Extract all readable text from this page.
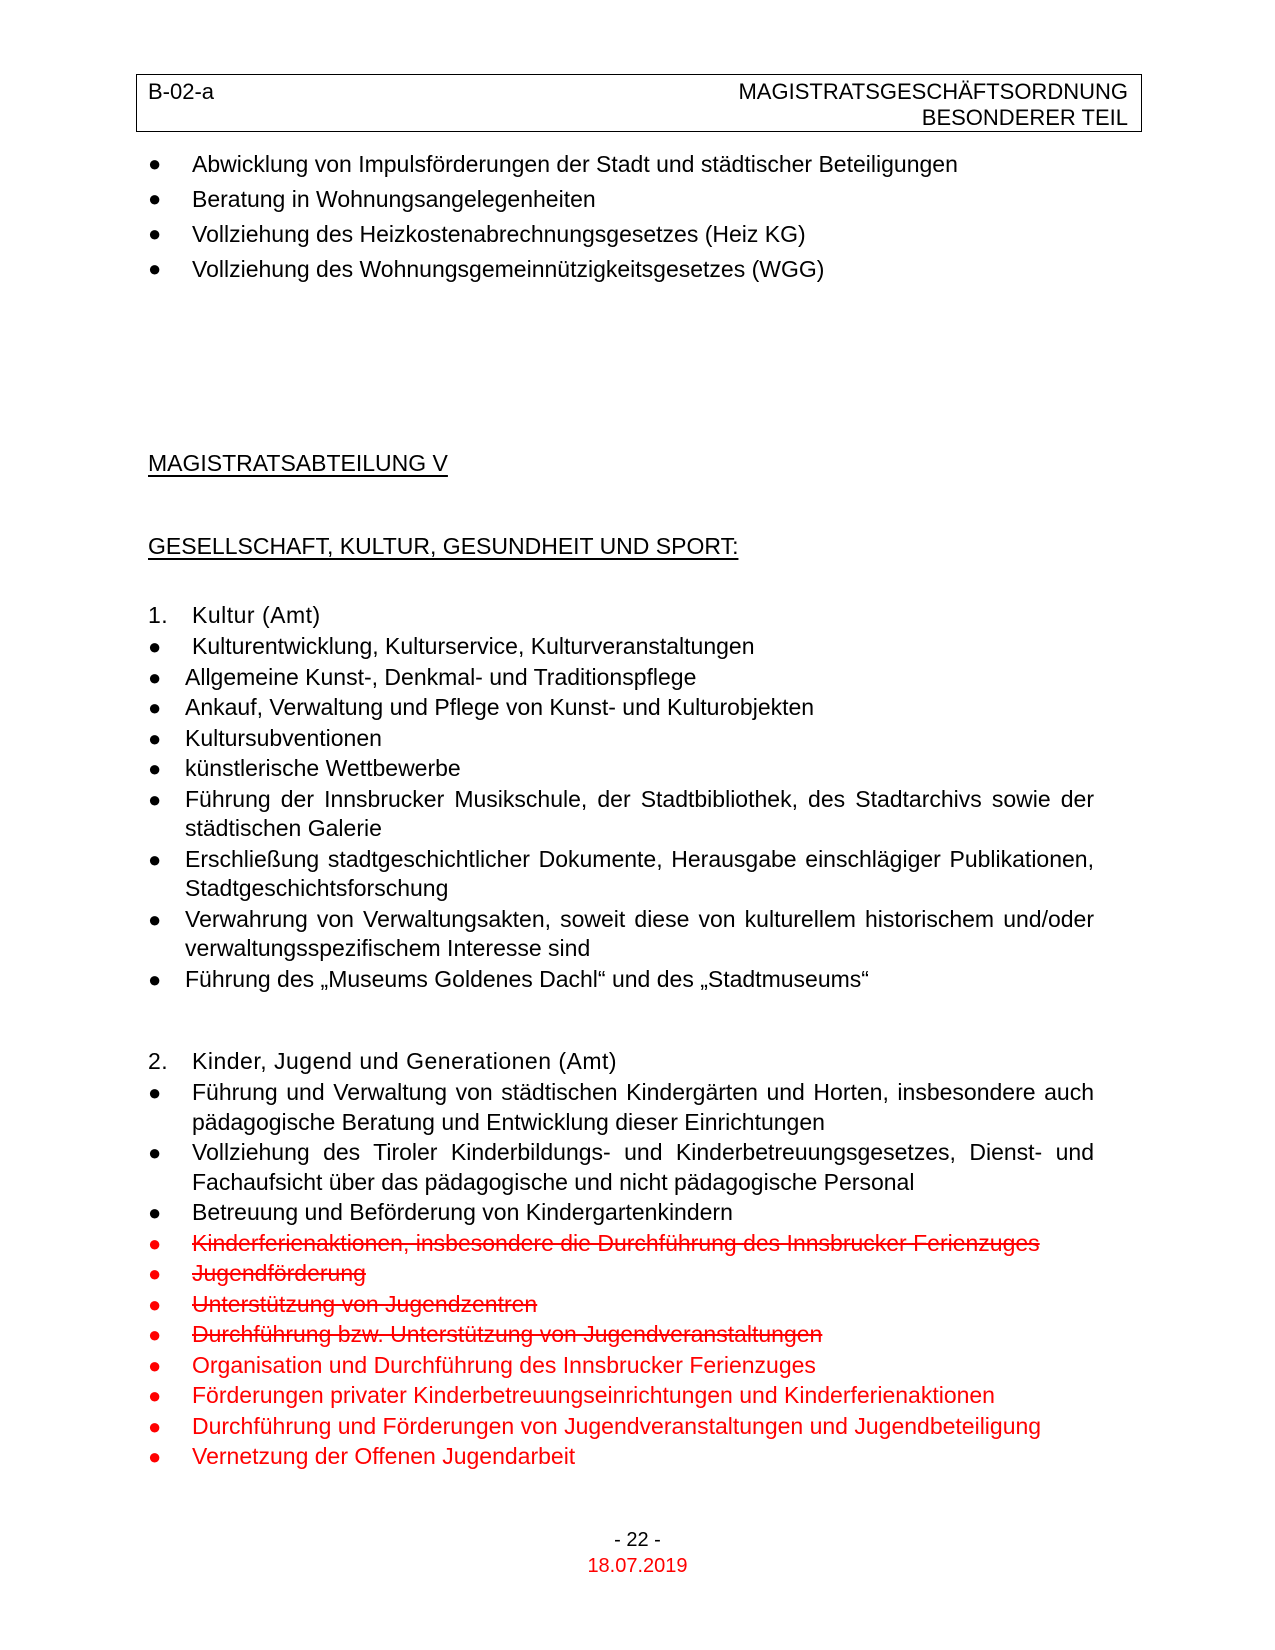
B-02-a	MAGISTRATSGESCHÄFTSORDNUNG
BESONDERER TEIL
●	Abwicklung von Impulsförderungen der Stadt und städtischer Beteiligungen
●	Beratung in Wohnungsangelegenheiten
●	Vollziehung des Heizkostenabrechnungsgesetzes (Heiz KG)
●	Vollziehung des Wohnungsgemeinnützigkeitsgesetzes (WGG)
MAGISTRATSABTEILUNG V
GESELLSCHAFT, KULTUR, GESUNDHEIT UND SPORT:
1. Kultur (Amt)
●	Kulturentwicklung, Kulturservice, Kulturveranstaltungen
●	Allgemeine Kunst-, Denkmal- und Traditionspflege
●	Ankauf, Verwaltung und Pflege von Kunst- und Kulturobjekten
●	Kultursubventionen
●	künstlerische Wettbewerbe
●	Führung der Innsbrucker Musikschule, der Stadtbibliothek, des Stadtarchivs sowie der städtischen Galerie
●	Erschließung stadtgeschichtlicher Dokumente, Herausgabe einschlägiger Publikationen, Stadtgeschichtsforschung
●	Verwahrung von Verwaltungsakten, soweit diese von kulturellem historischem und/oder verwaltungsspezifischem Interesse sind
●	Führung des „Museums Goldenes Dachl“ und des „Stadtmuseums“
2. Kinder, Jugend und Generationen (Amt)
●	Führung und Verwaltung von städtischen Kindergärten und Horten, insbesondere auch pädagogische Beratung und Entwicklung dieser Einrichtungen
●	Vollziehung des Tiroler Kinderbildungs- und Kinderbetreuungsgesetzes, Dienst- und Fachaufsicht über das pädagogische und nicht pädagogische Personal
●	Betreuung und Beförderung von Kindergartenkindern
●	Kinderferienaktionen, insbesondere die Durchführung des Innsbrucker Ferienzuges
●	Jugendförderung
●	Unterstützung von Jugendzentren
●	Durchführung bzw. Unterstützung von Jugendveranstaltungen
●	Organisation und Durchführung des Innsbrucker Ferienzuges
●	Förderungen privater Kinderbetreuungseinrichtungen und Kinderferienaktionen
●	Durchführung und Förderungen von Jugendveranstaltungen und Jugendbeteiligung
●	Vernetzung der Offenen Jugendarbeit
- 22 -
18.07.2019
